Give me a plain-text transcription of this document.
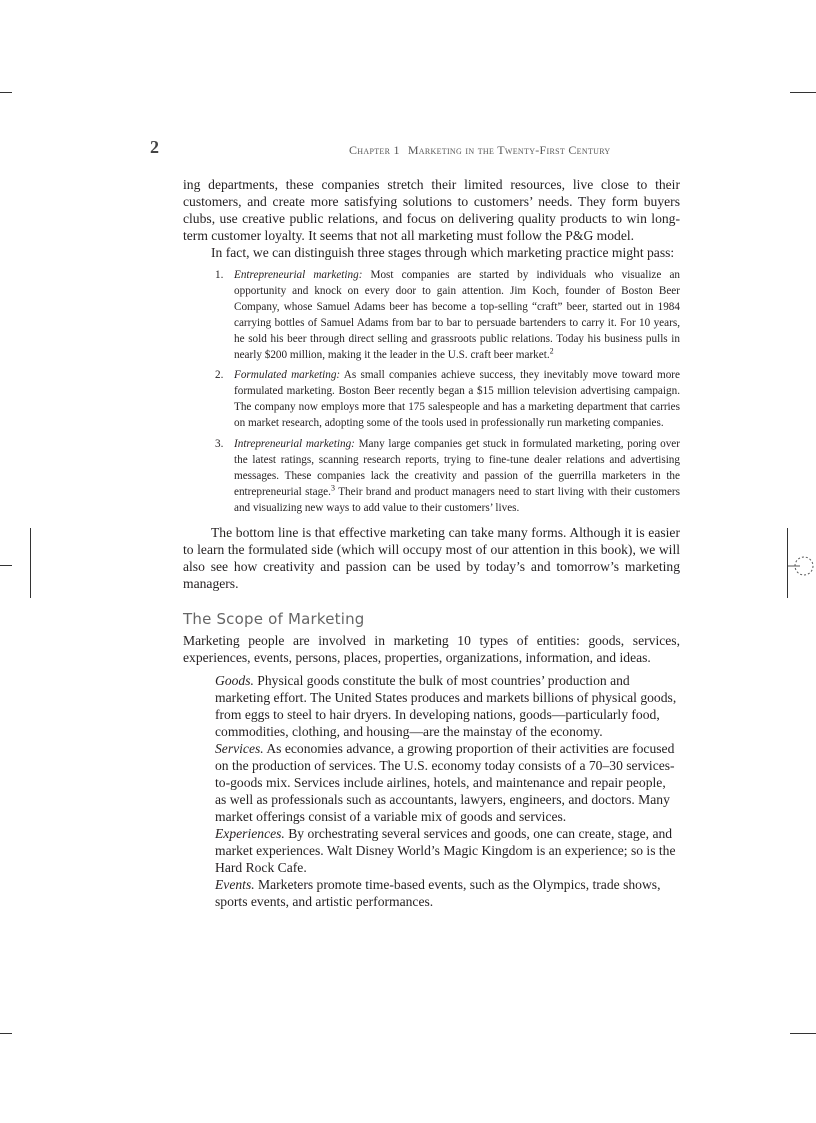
2	Chapter 1 Marketing in the Twenty-First Century

ing departments, these companies stretch their limited resources, live close to their customers, and create more satisfying solutions to customers’ needs. They form buyers clubs, use creative public relations, and focus on delivering quality products to win long-term customer loyalty. It seems that not all marketing must follow the P&G model.

In fact, we can distinguish three stages through which marketing practice might pass:

1. Entrepreneurial marketing: Most companies are started by individuals who visualize an opportunity and knock on every door to gain attention. Jim Koch, founder of Boston Beer Company, whose Samuel Adams beer has become a top-selling “craft” beer, started out in 1984 carrying bottles of Samuel Adams from bar to bar to persuade bartenders to carry it. For 10 years, he sold his beer through direct selling and grassroots public relations. Today his business pulls in nearly $200 million, making it the leader in the U.S. craft beer market.$^2$
2. Formulated marketing: As small companies achieve success, they inevitably move toward more formulated marketing. Boston Beer recently began a $15 million television advertising campaign. The company now employs more that 175 salespeople and has a marketing department that carries on market research, adopting some of the tools used in professionally run marketing companies.
3. Intrepreneurial marketing: Many large companies get stuck in formulated marketing, poring over the latest ratings, scanning research reports, trying to fine-tune dealer relations and advertising messages. These companies lack the creativity and passion of the guerrilla marketers in the entrepreneurial stage.$^3$ Their brand and product managers need to start living with their customers and visualizing new ways to add value to their customers’ lives.

The bottom line is that effective marketing can take many forms. Although it is easier to learn the formulated side (which will occupy most of our attention in this book), we will also see how creativity and passion can be used by today’s and tomorrow’s marketing managers.

The Scope of Marketing

Marketing people are involved in marketing 10 types of entities: goods, services, experiences, events, persons, places, properties, organizations, information, and ideas.

Goods. Physical goods constitute the bulk of most countries’ production and marketing effort. The United States produces and markets billions of physical goods, from eggs to steel to hair dryers. In developing nations, goods—particularly food, commodities, clothing, and housing—are the mainstay of the economy.

Services. As economies advance, a growing proportion of their activities are focused on the production of services. The U.S. economy today consists of a 70–30 services-to-goods mix. Services include airlines, hotels, and maintenance and repair people, as well as professionals such as accountants, lawyers, engineers, and doctors. Many market offerings consist of a variable mix of goods and services.

Experiences. By orchestrating several services and goods, one can create, stage, and market experiences. Walt Disney World’s Magic Kingdom is an experience; so is the Hard Rock Cafe.

Events. Marketers promote time-based events, such as the Olympics, trade shows, sports events, and artistic performances.
